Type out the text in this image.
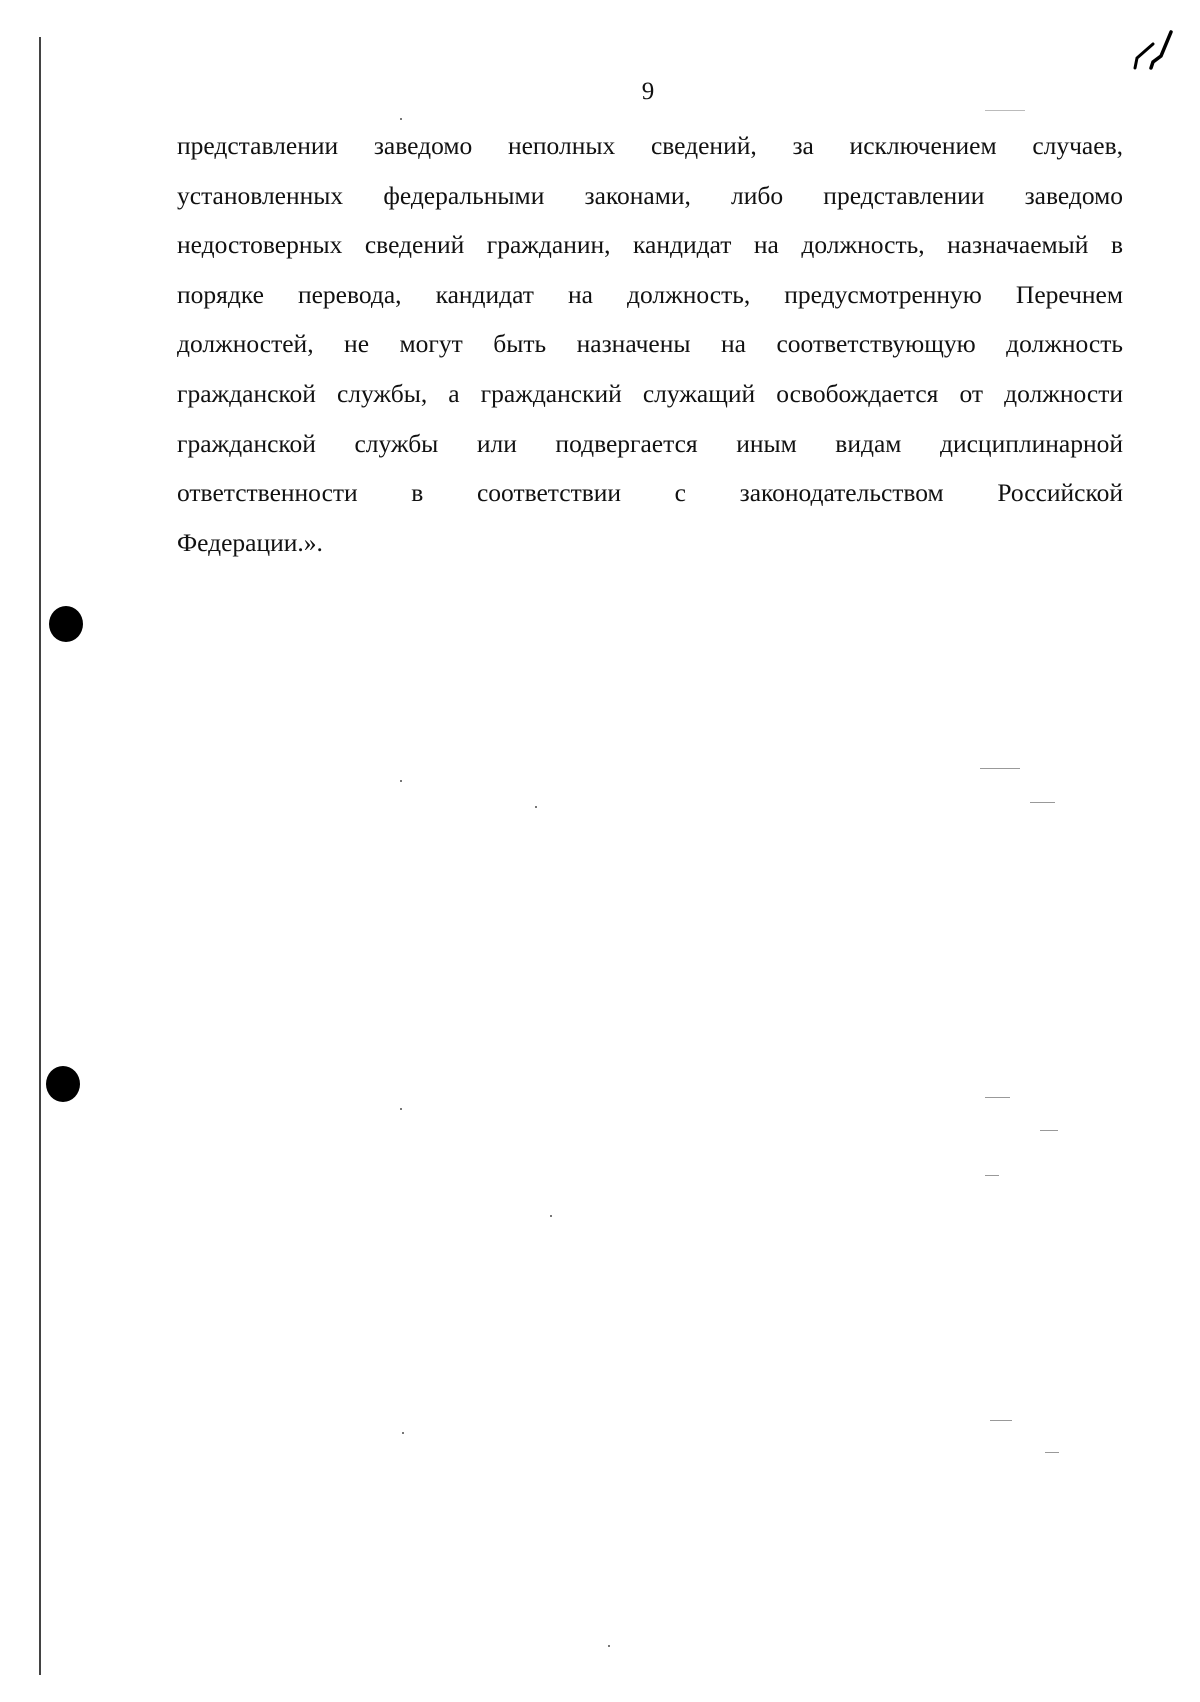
9
представлении заведомо неполных сведений, за исключением случаев,
установленных федеральными законами, либо представлении заведомо
недостоверных сведений гражданин, кандидат на должность, назначаемый в
порядке перевода, кандидат на должность, предусмотренную Перечнем
должностей, не могут быть назначены на соответствующую должность
гражданской службы, а гражданский служащий освобождается от должности
гражданской службы или подвергается иным видам дисциплинарной
ответственности в соответствии с законодательством Российской
Федерации.».
